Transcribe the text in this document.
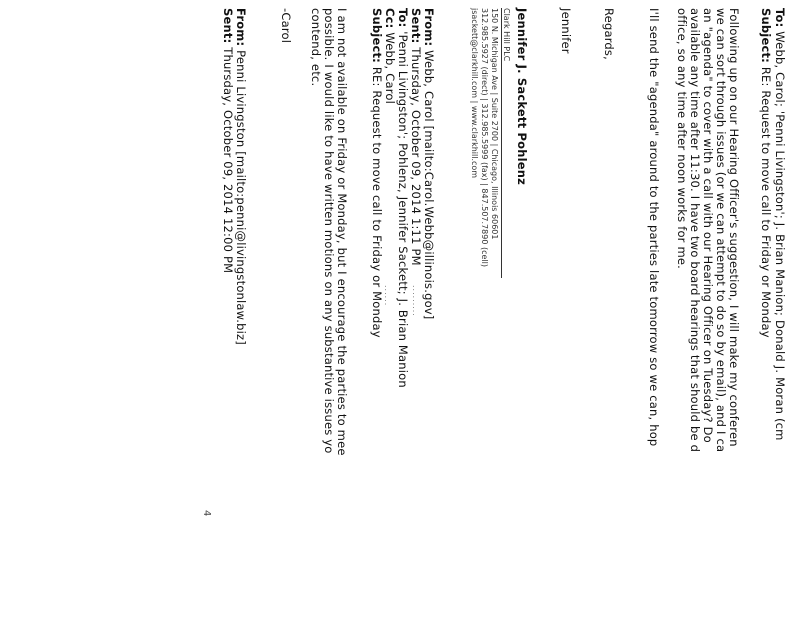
To: Webb, Carol; 'Penni Livingston'; J. Brian Manion; Donald J. Moran (cm
Subject: RE: Request to move call to Friday or Monday
Following up on our Hearing Officer's suggestion, I will make my conferen
we can sort through issues (or we can attempt to do so by email), and I ca
an "agenda" to cover with a call with our Hearing Officer on Tuesday? Do
available any time after 11:30. I have two board hearings that should be d
office, so any time after noon works for me.
I'll send the "agenda" around to the parties late tomorrow so we can, hop
Regards,
Jennifer
Jennifer J. Sackett Pohlenz
Clark Hill PLC
150 N. Michigan Ave | Suite 2700 | Chicago, Illinois 60601
312.985.5927 (direct) | 312.985.5999 (fax) | 847.507.7890 (cell)
jsackett@clarkhill.com | www.clarkhill.com
From: Webb, Carol [mailto:Carol.Webb@illinois.gov]
Sent: Thursday, October 09, 2014 1:11 PM
To: 'Penni Livingston'; Pohlenz, Jennifer Sackett; J. Brian Manion
Cc: Webb, Carol
Subject: RE: Request to move call to Friday or Monday	.........
......
I am not available on Friday or Monday, but I encourage the parties to mee
possible. I would like to have written motions on any substantive issues yo
contend, etc.
-Carol
From: Penni Livingston [mailto:penni@livingstonlaw.biz]
Sent: Thursday, October 09, 2014 12:00 PM
4
